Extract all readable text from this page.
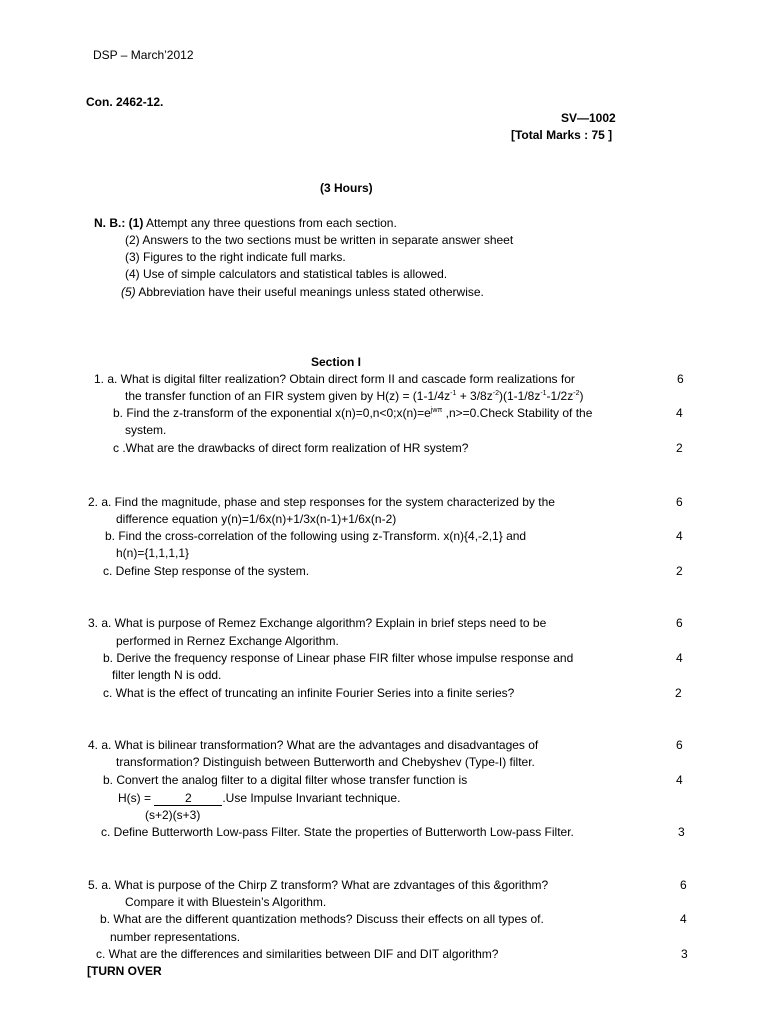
DSP – March’2012
Con. 2462-12.
SV—1002
[Total Marks : 75 ]
(3 Hours)
N. B.: (1) Attempt any three questions from each section.
(2) Answers to the two sections must be written in separate answer sheet
(3) Figures to the right indicate full marks.
(4) Use of simple calculators and statistical tables is allowed.
(5) Abbreviation have their useful meanings unless stated otherwise.
Section I
1. a. What is digital filter realization? Obtain direct form II and cascade form realizations for
the transfer function of an FIR system given by $H(z) = (1-1/4z^{-1} + 3/8z^{-2})(1-1/8z^{-1}-1/2z^{-2})$
b. Find the z-transform of the exponential $x(n)=0,n<0;x(n)=e^{jw\pi}$ ,n>=0.Check Stability of the
system.
c .What are the drawbacks of direct form realization of HR system?
6
4
2
2. a. Find the magnitude, phase and step responses for the system characterized by the
difference equation y(n)=1/6x(n)+1/3x(n-1)+1/6x(n-2)
b. Find the cross-correlation of the following using z-Transform. x(n){4,-2,1} and
h(n)={1,1,1,1}
c. Define Step response of the system.
6
4
2
3. a. What is purpose of Remez Exchange algorithm? Explain in brief steps need to be
performed in Rernez Exchange Algorithm.
b. Derive the frequency response of Linear phase FIR filter whose impulse response and
filter length N is odd.
c. What is the effect of truncating an infinite Fourier Series into a finite series?
6
4
2
4. a. What is bilinear transformation? What are the advantages and disadvantages of
transformation? Distinguish between Butterworth and Chebyshev (Type-I) filter.
b. Convert the analog filter to a digital filter whose transfer function is
H(s) =	2	.Use Impulse Invariant technique.
(s+2)(s+3)
c. Define Butterworth Low-pass Filter. State the properties of Butterworth Low-pass Filter.
6
4
3
5. a. What is purpose of the Chirp Z transform? What are zdvantages of this &gorithm?
Compare it with Bluestein’s Algorithm.
b. What are the different quantization methods? Discuss their effects on all types of.
number representations.
c. What are the differences and similarities between DIF and DIT algorithm?
6
4
3
[TURN OVER
